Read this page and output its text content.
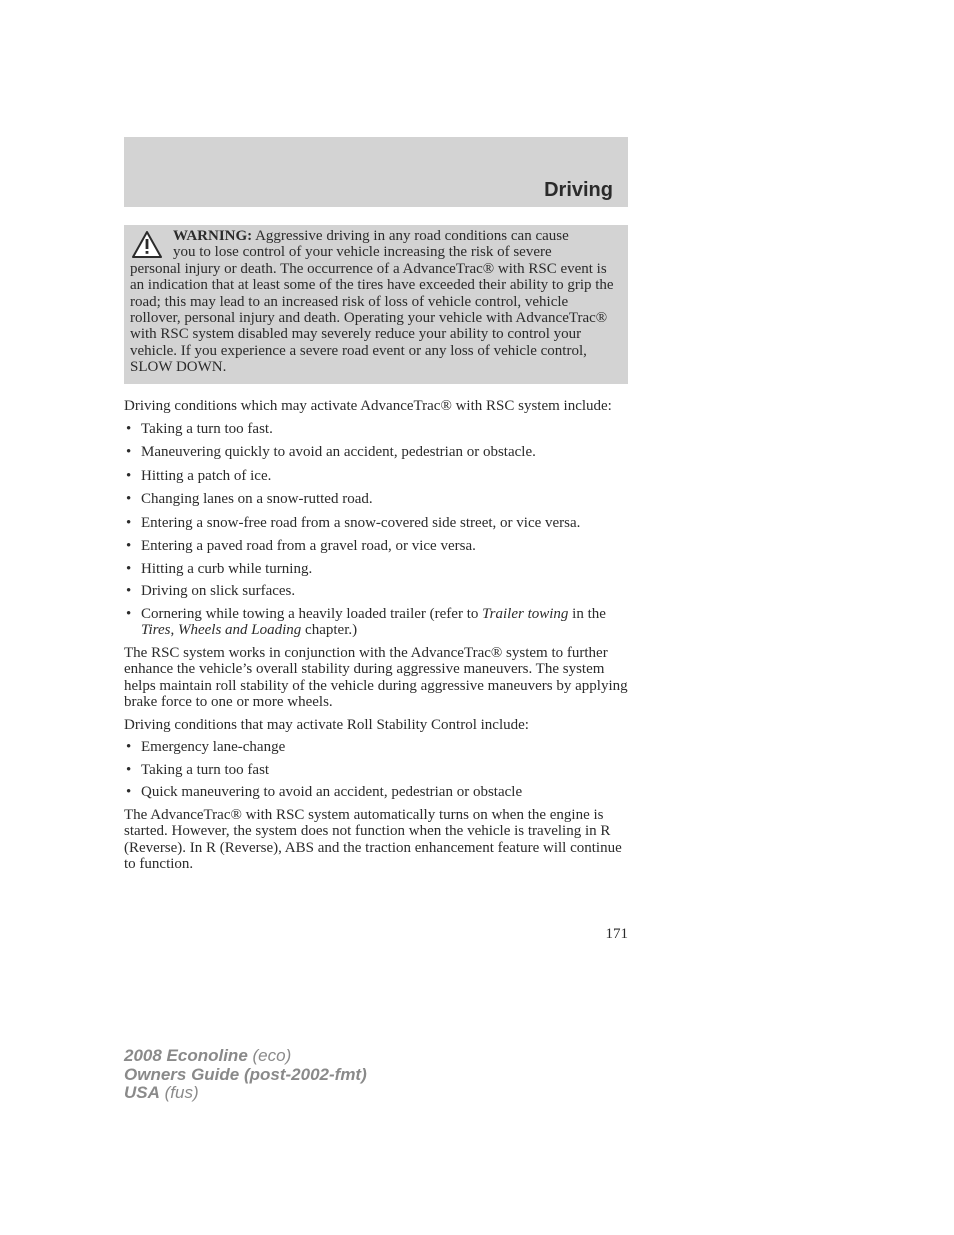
Driving

WARNING: Aggressive driving in any road conditions can cause
you to lose control of your vehicle increasing the risk of severe
personal injury or death. The occurrence of a AdvanceTrac® with RSC event is an indication that at least some of the tires have exceeded their ability to grip the road; this may lead to an increased risk of loss of vehicle control, vehicle rollover, personal injury and death. Operating your vehicle with AdvanceTrac® with RSC system disabled may severely reduce your ability to control your vehicle. If you experience a severe road event or any loss of vehicle control, SLOW DOWN.

Driving conditions which may activate AdvanceTrac® with RSC system include:

• Taking a turn too fast.
• Maneuvering quickly to avoid an accident, pedestrian or obstacle.
• Hitting a patch of ice.
• Changing lanes on a snow-rutted road.
• Entering a snow-free road from a snow-covered side street, or vice versa.
• Entering a paved road from a gravel road, or vice versa.
• Hitting a curb while turning.
• Driving on slick surfaces.
• Cornering while towing a heavily loaded trailer (refer to Trailer towing in the Tires, Wheels and Loading chapter.)

The RSC system works in conjunction with the AdvanceTrac® system to further enhance the vehicle’s overall stability during aggressive maneuvers. The system helps maintain roll stability of the vehicle during aggressive maneuvers by applying brake force to one or more wheels.

Driving conditions that may activate Roll Stability Control include:

• Emergency lane-change
• Taking a turn too fast
• Quick maneuvering to avoid an accident, pedestrian or obstacle

The AdvanceTrac® with RSC system automatically turns on when the engine is started. However, the system does not function when the vehicle is traveling in R (Reverse). In R (Reverse), ABS and the traction enhancement feature will continue to function.

171
2008 Econoline (eco)
Owners Guide (post-2002-fmt)
USA (fus)
